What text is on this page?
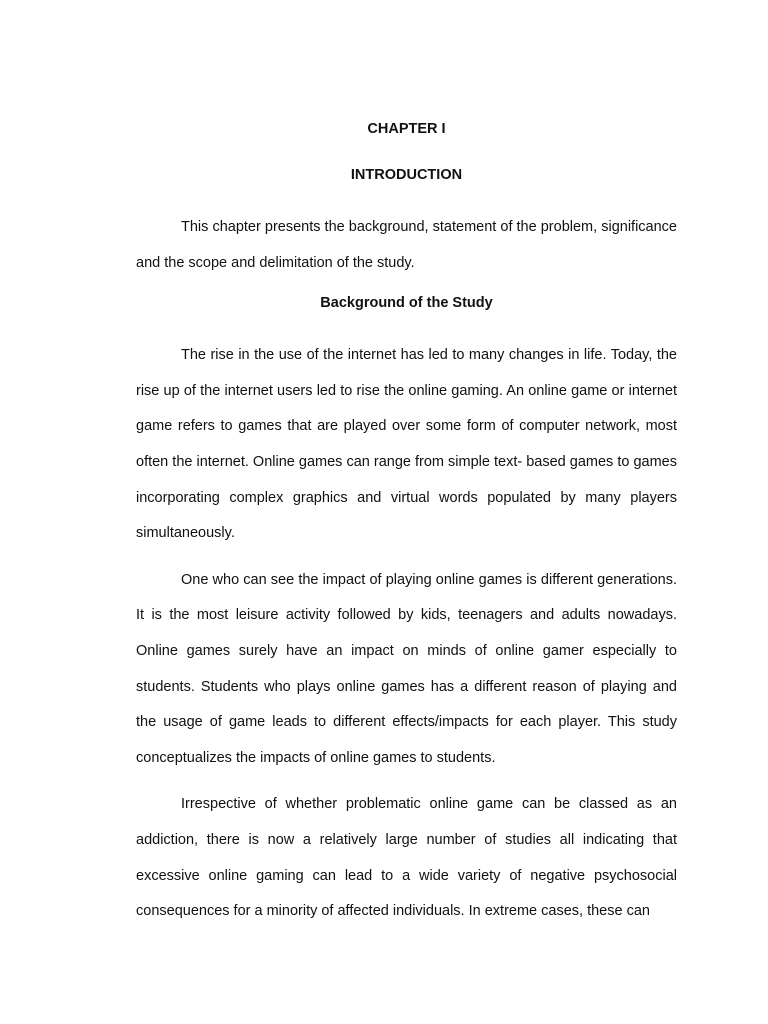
CHAPTER I
INTRODUCTION

This chapter presents the background, statement of the problem, significance and the scope and delimitation of the study.

Background of the Study

The rise in the use of the internet has led to many changes in life. Today, the rise up of the internet users led to rise the online gaming. An online game or internet game refers to games that are played over some form of computer network, most often the internet. Online games can range from simple text- based games to games incorporating complex graphics and virtual words populated by many players simultaneously.

One who can see the impact of playing online games is different generations. It is the most leisure activity followed by kids, teenagers and adults nowadays. Online games surely have an impact on minds of online gamer especially to students. Students who plays online games has a different reason of playing and the usage of game leads to different effects/impacts for each player. This study conceptualizes the impacts of online games to students.

Irrespective of whether problematic online game can be classed as an addiction, there is now a relatively large number of studies all indicating that excessive online gaming can lead to a wide variety of negative psychosocial consequences for a minority of affected individuals. In extreme cases, these can
